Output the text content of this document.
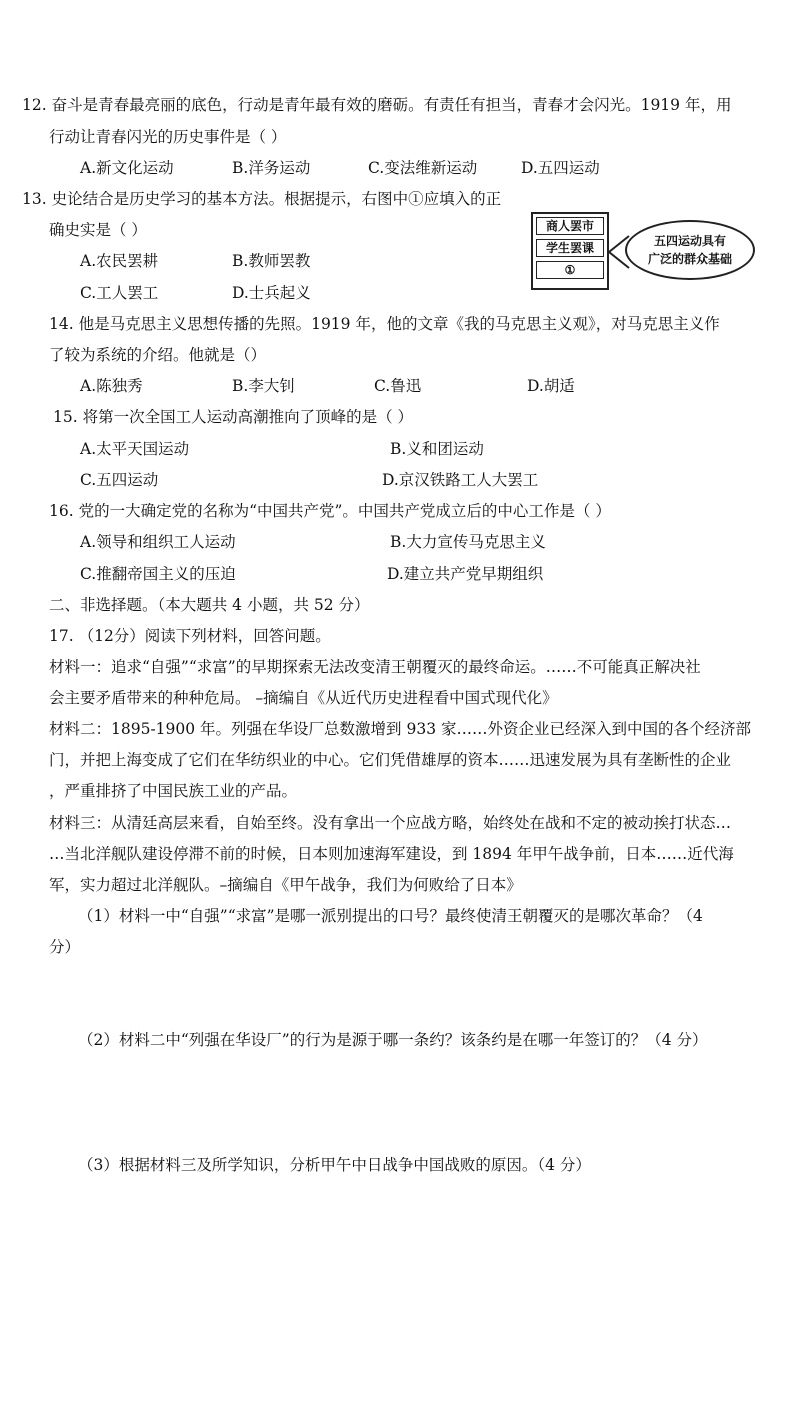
12. 奋斗是青春最亮丽的底色，行动是青年最有效的磨砺。有责任有担当，青春才会闪光。1919 年，用
行动让青春闪光的历史事件是（ ）
A.新文化运动	B.洋务运动	C.变法维新运动	D.五四运动
13. 史论结合是历史学习的基本方法。根据提示，右图中①应填入的正
确史实是（ ）
A.农民罢耕	B.教师罢教
C.工人罢工	D.士兵起义
商人罢市
学生罢课
①
五四运动具有
广泛的群众基础
14. 他是马克思主义思想传播的先照。1919 年，他的文章《我的马克思主义观》，对马克思主义作
了较为系统的介绍。他就是（）
A.陈独秀	B.李大钊	C.鲁迅	D.胡适
15. 将第一次全国工人运动高潮推向了顶峰的是（ ）
A.太平天国运动	B.义和团运动
C.五四运动	D.京汉铁路工人大罢工
16. 党的一大确定党的名称为“中国共产党”。中国共产党成立后的中心工作是（ ）
A.领导和组织工人运动	B.大力宣传马克思主义
C.推翻帝国主义的压迫	D.建立共产党早期组织
二、非选择题。（本大题共 4 小题，共 52 分）
17. （12分）阅读下列材料，回答问题。
材料一：追求“自强”“求富”的早期探索无法改变清王朝覆灭的最终命运。……不可能真正解决社
会主要矛盾带来的种种危局。 –摘编自《从近代历史进程看中国式现代化》
材料二：1895-1900 年。列强在华设厂总数激增到 933 家……外资企业已经深入到中国的各个经济部
门，并把上海变成了它们在华纺织业的中心。它们凭借雄厚的资本……迅速发展为具有垄断性的企业
，严重排挤了中国民族工业的产品。
材料三：从清廷高层来看，自始至终。没有拿出一个应战方略，始终处在战和不定的被动挨打状态…
…当北洋舰队建设停滞不前的时候，日本则加速海军建设，到 1894 年甲午战争前，日本……近代海
军，实力超过北洋舰队。–摘编自《甲午战争，我们为何败给了日本》
（1）材料一中“自强”“求富”是哪一派别提出的口号？最终使清王朝覆灭的是哪次革命？（4
分）
（2）材料二中“列强在华设厂”的行为是源于哪一条约？该条约是在哪一年签订的？（4 分）
（3）根据材料三及所学知识，分析甲午中日战争中国战败的原因。（4 分）
